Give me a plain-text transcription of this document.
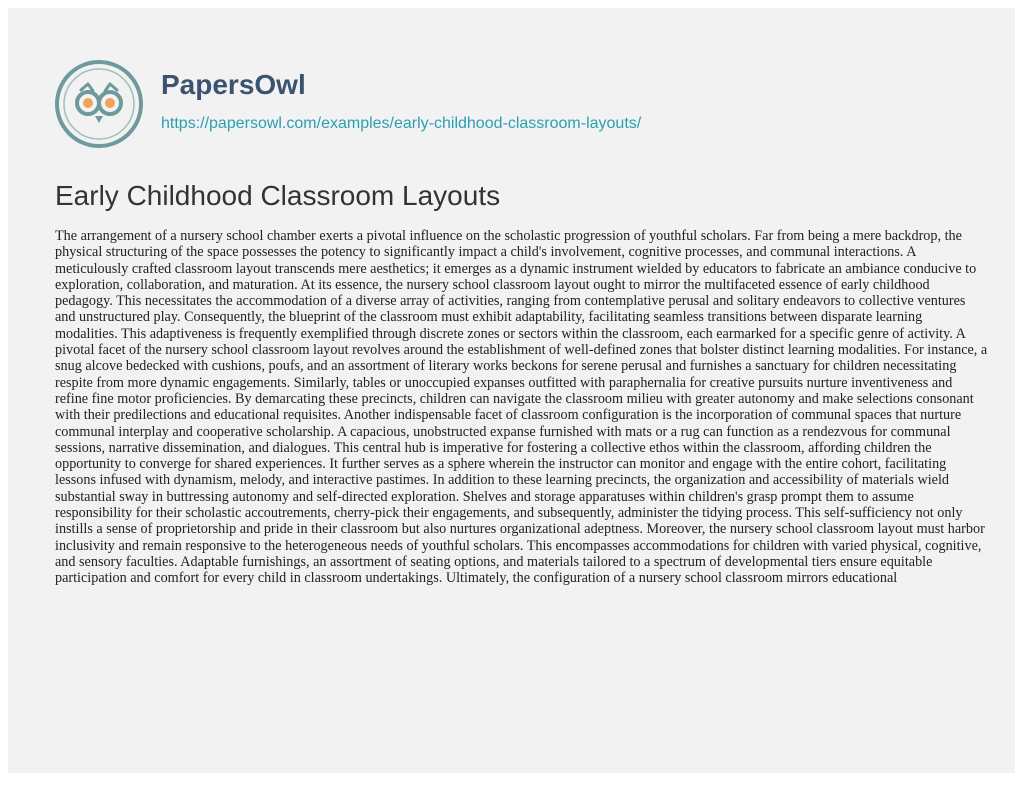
PapersOwl
https://papersowl.com/examples/early-childhood-classroom-layouts/
Early Childhood Classroom Layouts

The arrangement of a nursery school chamber exerts a pivotal influence on the scholastic progression of youthful scholars. Far from being a mere backdrop, the physical structuring of the space possesses the potency to significantly impact a child's involvement, cognitive processes, and communal interactions. A meticulously crafted classroom layout transcends mere aesthetics; it emerges as a dynamic instrument wielded by educators to fabricate an ambiance conducive to exploration, collaboration, and maturation. At its essence, the nursery school classroom layout ought to mirror the multifaceted essence of early childhood pedagogy. This necessitates the accommodation of a diverse array of activities, ranging from contemplative perusal and solitary endeavors to collective ventures and unstructured play. Consequently, the blueprint of the classroom must exhibit adaptability, facilitating seamless transitions between disparate learning modalities. This adaptiveness is frequently exemplified through discrete zones or sectors within the classroom, each earmarked for a specific genre of activity. A pivotal facet of the nursery school classroom layout revolves around the establishment of well-defined zones that bolster distinct learning modalities. For instance, a snug alcove bedecked with cushions, poufs, and an assortment of literary works beckons for serene perusal and furnishes a sanctuary for children necessitating respite from more dynamic engagements. Similarly, tables or unoccupied expanses outfitted with paraphernalia for creative pursuits nurture inventiveness and refine fine motor proficiencies. By demarcating these precincts, children can navigate the classroom milieu with greater autonomy and make selections consonant with their predilections and educational requisites. Another indispensable facet of classroom configuration is the incorporation of communal spaces that nurture communal interplay and cooperative scholarship. A capacious, unobstructed expanse furnished with mats or a rug can function as a rendezvous for communal sessions, narrative dissemination, and dialogues. This central hub is imperative for fostering a collective ethos within the classroom, affording children the opportunity to converge for shared experiences. It further serves as a sphere wherein the instructor can monitor and engage with the entire cohort, facilitating lessons infused with dynamism, melody, and interactive pastimes. In addition to these learning precincts, the organization and accessibility of materials wield substantial sway in buttressing autonomy and self-directed exploration. Shelves and storage apparatuses within children's grasp prompt them to assume responsibility for their scholastic accoutrements, cherry-pick their engagements, and subsequently, administer the tidying process. This self-sufficiency not only instills a sense of proprietorship and pride in their classroom but also nurtures organizational adeptness. Moreover, the nursery school classroom layout must harbor inclusivity and remain responsive to the heterogeneous needs of youthful scholars. This encompasses accommodations for children with varied physical, cognitive, and sensory faculties. Adaptable furnishings, an assortment of seating options, and materials tailored to a spectrum of developmental tiers ensure equitable participation and comfort for every child in classroom undertakings. Ultimately, the configuration of a nursery school classroom mirrors educational
